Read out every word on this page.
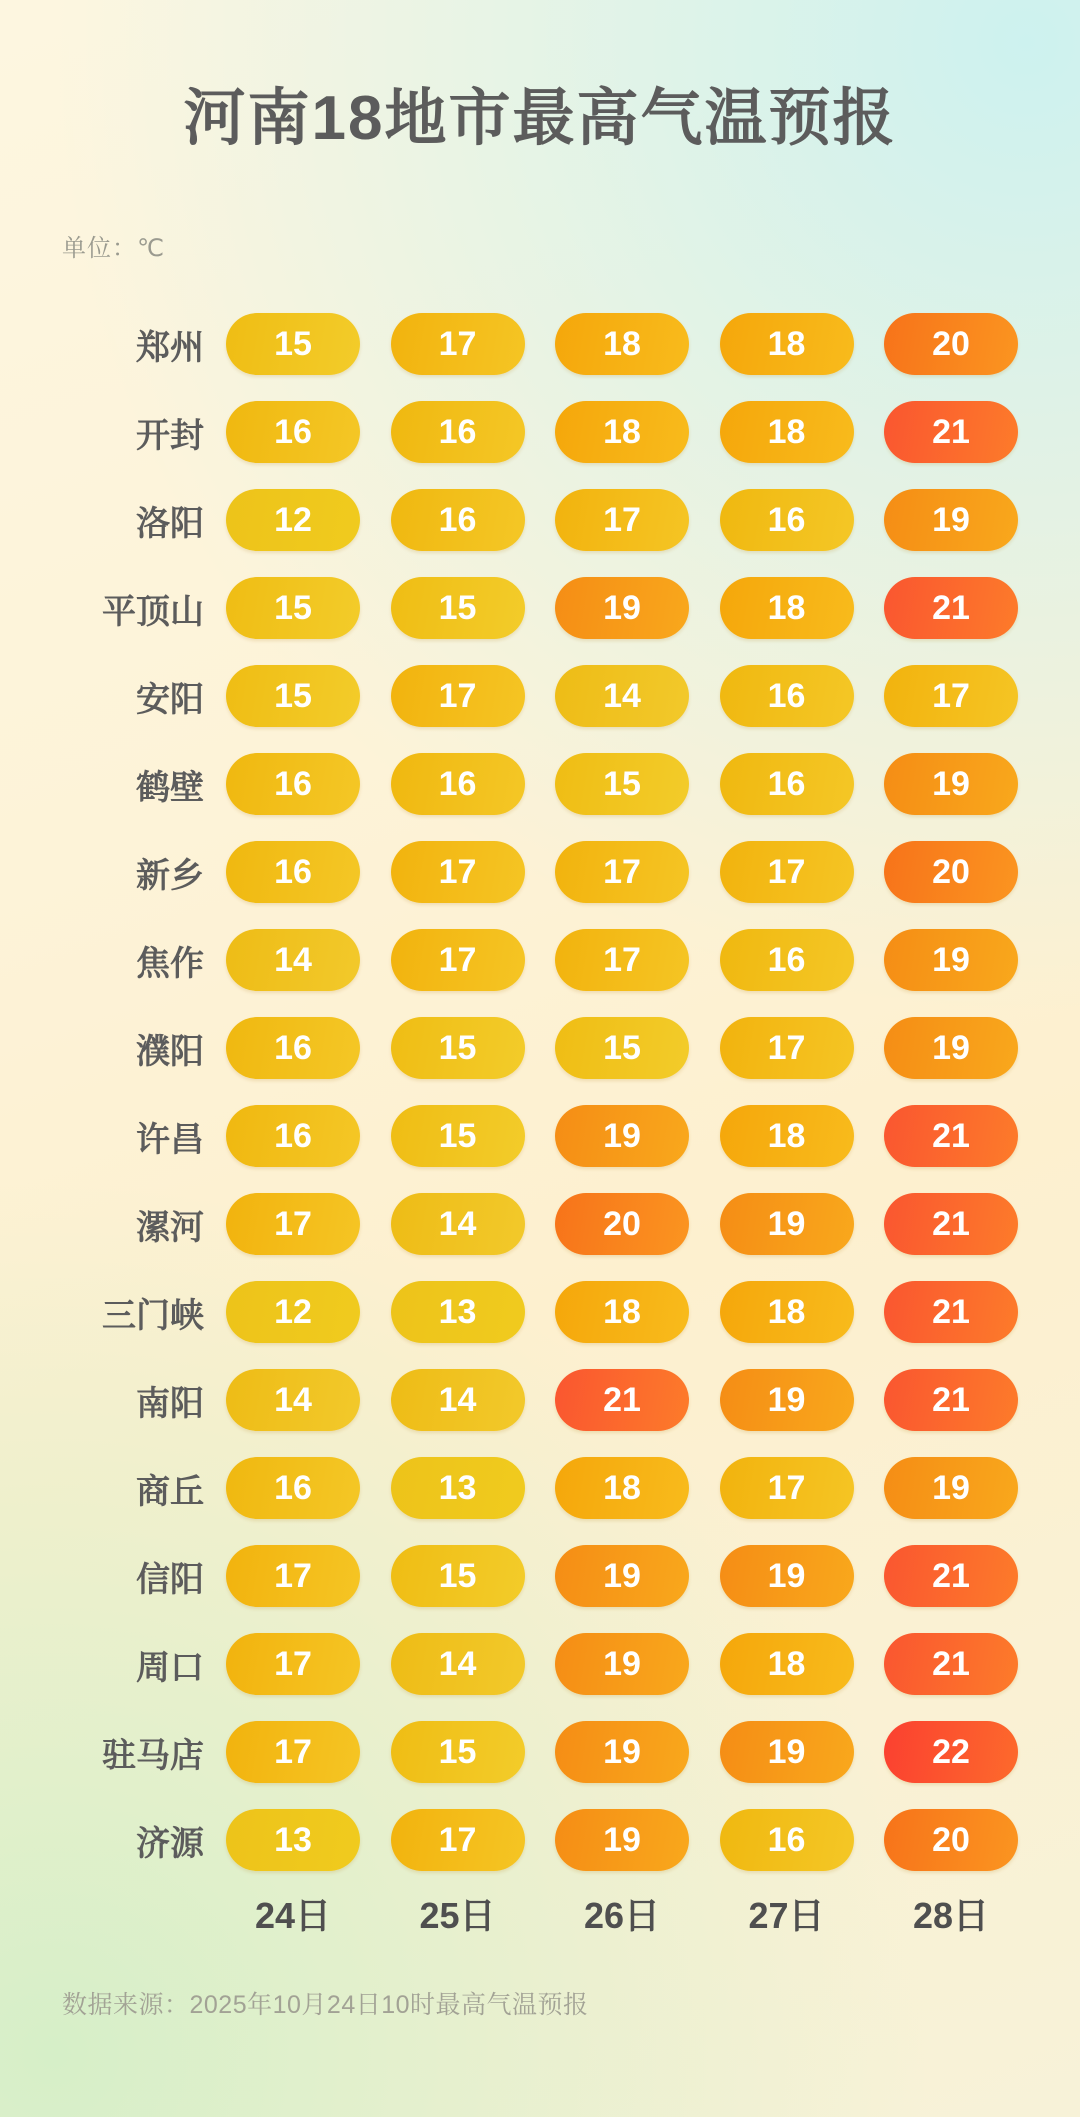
河南18地市最高气温预报
单位：℃
郑州	15	17	18	18	20
开封	16	16	18	18	21
洛阳	12	16	17	16	19
平顶山	15	15	19	18	21
安阳	15	17	14	16	17
鹤壁	16	16	15	16	19
新乡	16	17	17	17	20
焦作	14	17	17	16	19
濮阳	16	15	15	17	19
许昌	16	15	19	18	21
漯河	17	14	20	19	21
三门峡	12	13	18	18	21
南阳	14	14	21	19	21
商丘	16	13	18	17	19
信阳	17	15	19	19	21
周口	17	14	19	18	21
驻马店	17	15	19	19	22
济源	13	17	19	16	20
24日	25日	26日	27日	28日
数据来源：2025年10月24日10时最高气温预报
